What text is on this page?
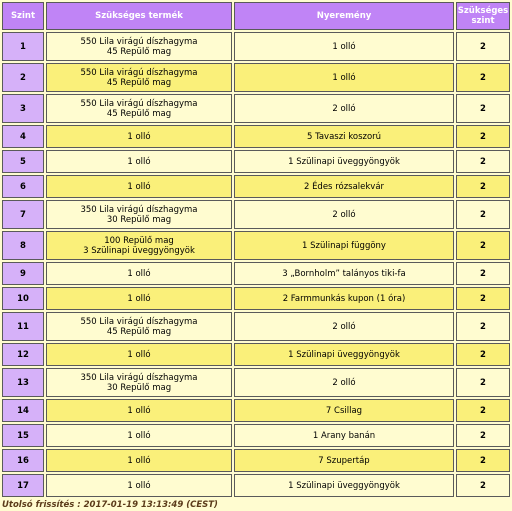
Szint	Szükséges termék	Nyeremény	Szükséges szint
1	550 Lila virágú díszhagyma
45 Repülő mag	1 olló	2
2	550 Lila virágú díszhagyma
45 Repülő mag	1 olló	2
3	550 Lila virágú díszhagyma
45 Repülő mag	2 olló	2
4	1 olló	5 Tavaszi koszorú	2
5	1 olló	1 Szülinapi üveggyöngyök	2
6	1 olló	2 Édes rózsalekvár	2
7	350 Lila virágú díszhagyma
30 Repülő mag	2 olló	2
8	100 Repülő mag
3 Szülinapi üveggyöngyök	1 Szülinapi függöny	2
9	1 olló	3 „Bornholm” talányos tiki-fa	2
10	1 olló	2 Farmmunkás kupon (1 óra)	2
11	550 Lila virágú díszhagyma
45 Repülő mag	2 olló	2
12	1 olló	1 Szülinapi üveggyöngyök	2
13	350 Lila virágú díszhagyma
30 Repülő mag	2 olló	2
14	1 olló	7 Csillag	2
15	1 olló	1 Arany banán	2
16	1 olló	7 Szupertáp	2
17	1 olló	1 Szülinapi üveggyöngyök	2
Utolsó frissítés : 2017-01-19 13:13:49 (CEST)
